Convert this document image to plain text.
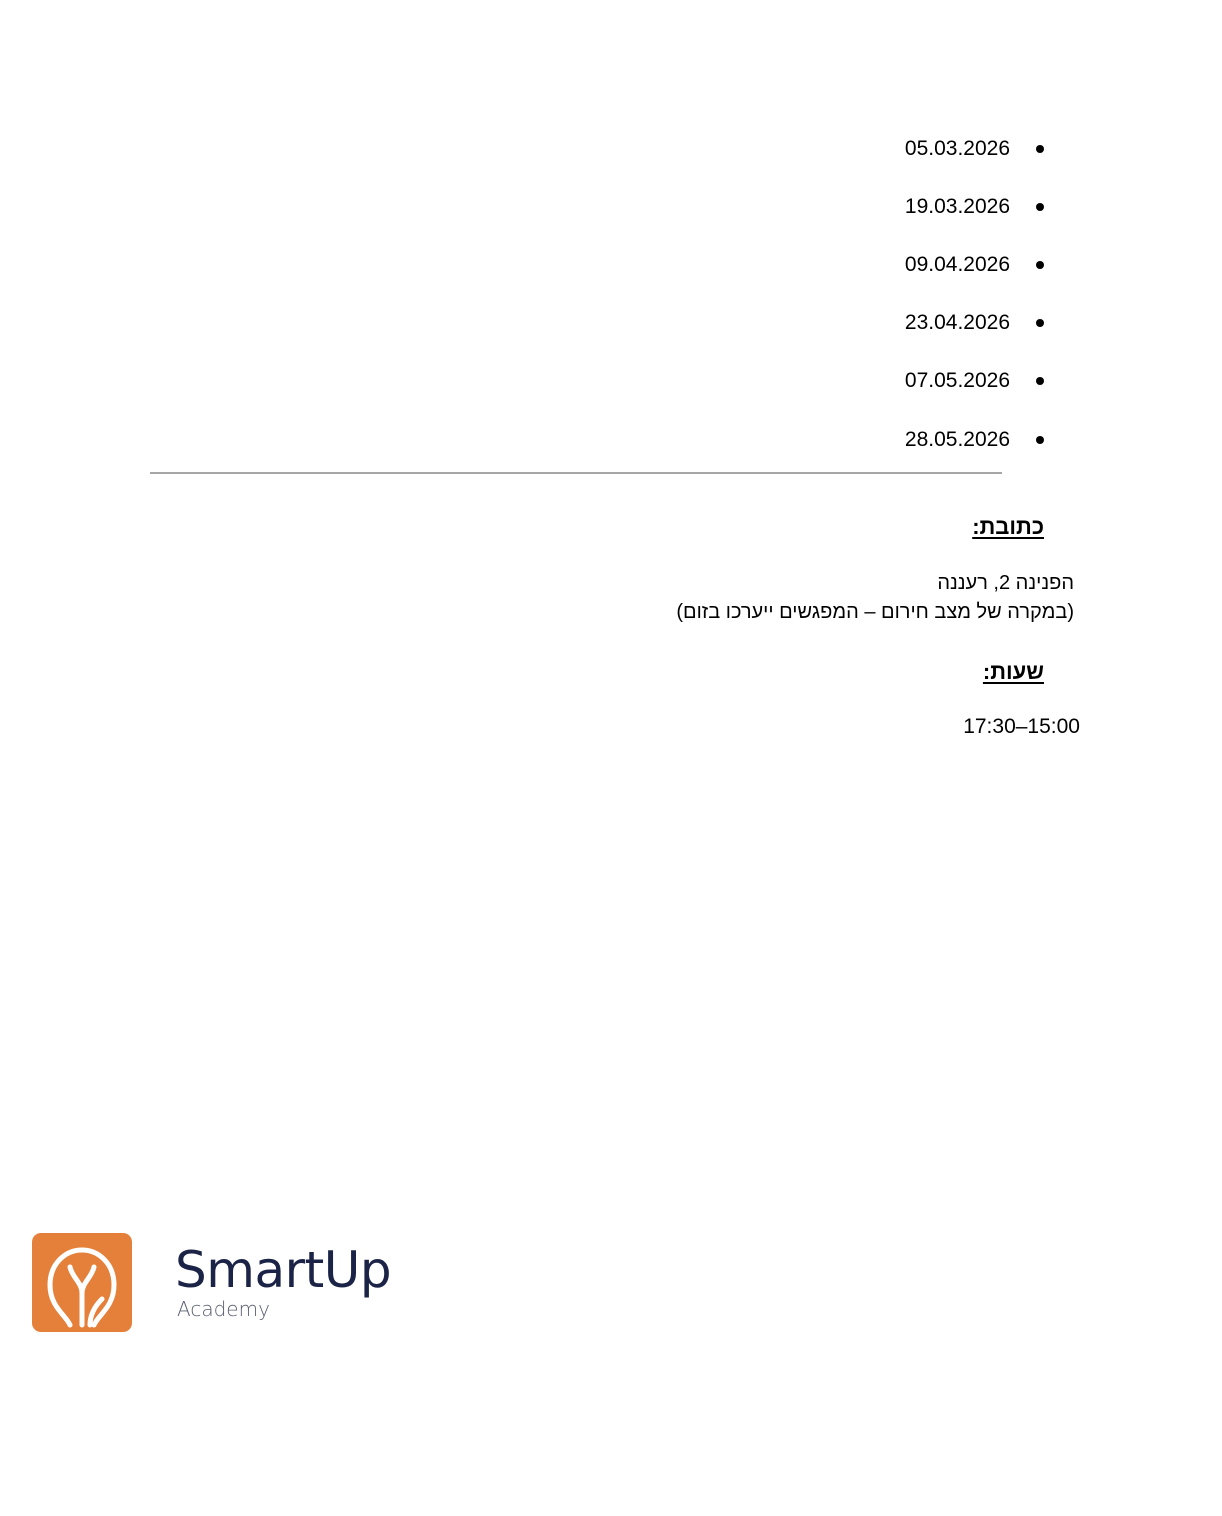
05.03.2026
19.03.2026
09.04.2026
23.04.2026
07.05.2026
28.05.2026
כתובת:
הפנינה 2, רעננה
(במקרה של מצב חירום – המפגשים ייערכו בזום)
שעות:
17:30–15:00
SmartUp
Academy
